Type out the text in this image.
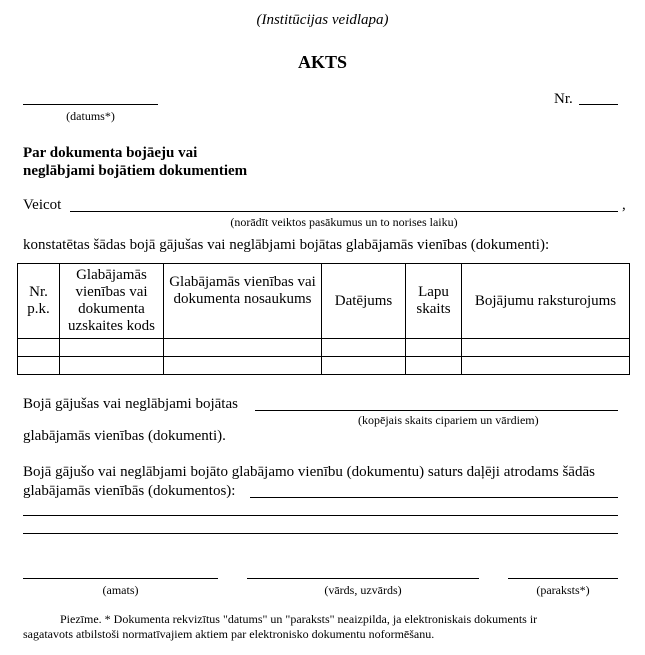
(Institūcijas veidlapa)
AKTS
(datums*)
Nr.
Par dokumenta bojāeju vai
neglābjami bojātiem dokumentiem
Veicot	,
(norādīt veiktos pasākumus un to norises laiku)
konstatētas šādas bojā gājušas vai neglābjami bojātas glabājamās vienības (dokumenti):
Nr. p.k.	Glabājamās vienības vai dokumenta uzskaites kods	Glabājamās vienības vai dokumenta nosaukums	Datējums	Lapu skaits	Bojājumu raksturojums

Bojā gājušas vai neglābjami bojātas
(kopējais skaits cipariem un vārdiem)
glabājamās vienības (dokumenti).
Bojā gājušo vai neglābjami bojāto glabājamo vienību (dokumentu) saturs daļēji atrodams šādās
glabājamās vienībās (dokumentos):
(amats)	(vārds, uzvārds)	(paraksts*)
Piezīme. * Dokumenta rekvizītus "datums" un "paraksts" neaizpilda, ja elektroniskais dokuments ir
sagatavots atbilstoši normatīvajiem aktiem par elektronisko dokumentu noformēšanu.
